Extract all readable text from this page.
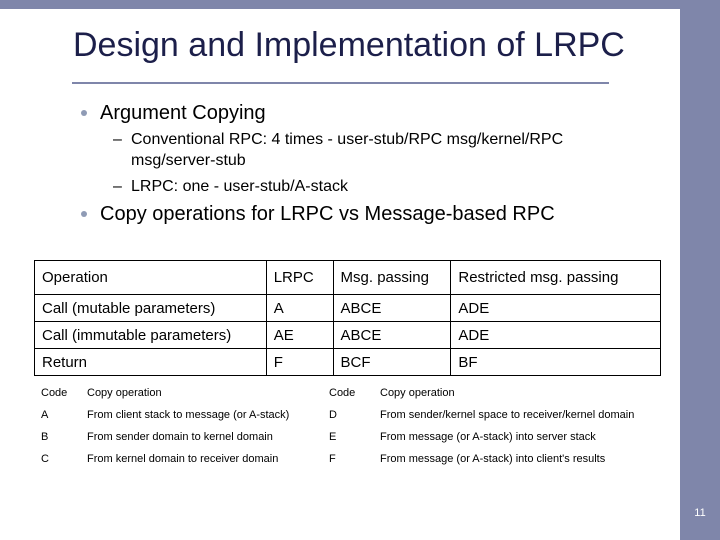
Design and Implementation of LRPC
Argument Copying
– Conventional RPC: 4 times - user-stub/RPC msg/kernel/RPC
msg/server-stub
– LRPC: one - user-stub/A-stack
Copy operations for LRPC vs Message-based RPC
Operation	LRPC	Msg. passing	Restricted msg. passing
Call (mutable parameters)	A	ABCE	ADE
Call (immutable parameters)	AE	ABCE	ADE
Return	F	BCF	BF
Code Copy operation
A	From client stack to message (or A-stack)
B	From sender domain to kernel domain
C	From kernel domain to receiver domain
Code Copy operation
D	From sender/kernel space to receiver/kernel domain
E	From message (or A-stack) into server stack
F	From message (or A-stack) into client's results
11
